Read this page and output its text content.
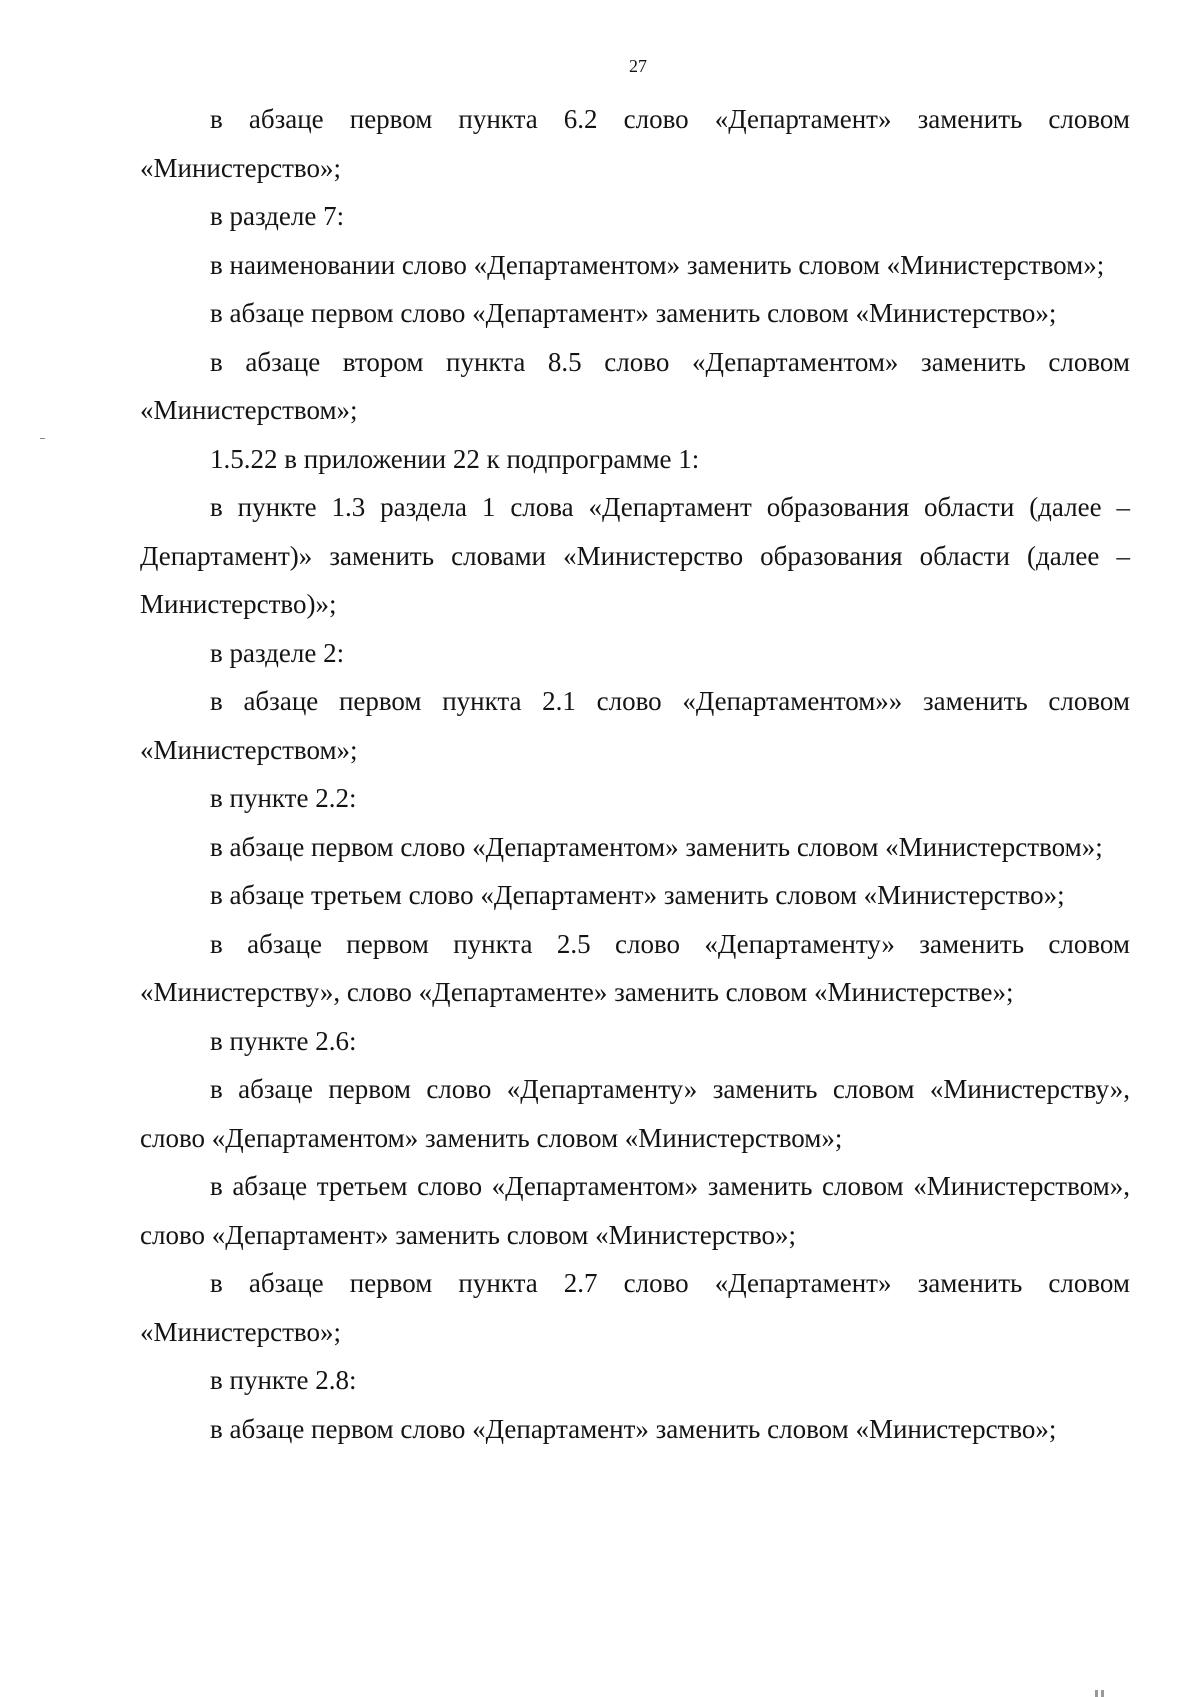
27

в абзаце первом пункта 6.2 слово «Департамент» заменить словом «Министерство»;

в разделе 7:

в наименовании слово «Департаментом» заменить словом «Министерством»;

в абзаце первом слово «Департамент» заменить словом «Министерство»;

в абзаце втором пункта 8.5 слово «Департаментом» заменить словом «Министерством»;

1.5.22 в приложении 22 к подпрограмме 1:

в пункте 1.3 раздела 1 слова «Департамент образования области (далее – Департамент)» заменить словами «Министерство образования области (далее – Министерство)»;

в разделе 2:

в абзаце первом пункта 2.1 слово «Департаментом»» заменить словом «Министерством»;

в пункте 2.2:

в абзаце первом слово «Департаментом» заменить словом «Министерством»;

в абзаце третьем слово «Департамент» заменить словом «Министерство»;

в абзаце первом пункта 2.5 слово «Департаменту» заменить словом «Министерству», слово «Департаменте» заменить словом «Министерстве»;

в пункте 2.6:

в абзаце первом слово «Департаменту» заменить словом «Министерству», слово «Департаментом» заменить словом «Министерством»;

в абзаце третьем слово «Департаментом» заменить словом «Министерством», слово «Департамент» заменить словом «Министерство»;

в абзаце первом пункта 2.7 слово «Департамент» заменить словом «Министерство»;

в пункте 2.8:

в абзаце первом слово «Департамент» заменить словом «Министерство»;
